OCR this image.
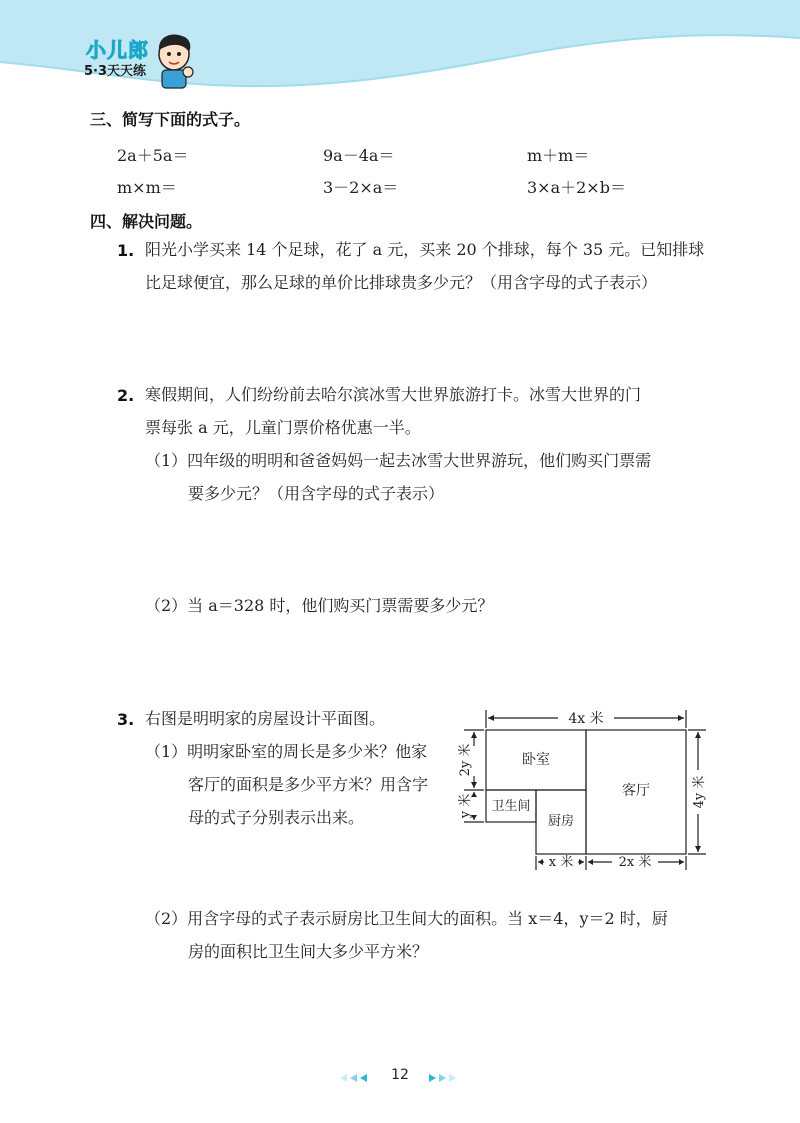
小儿郎
5·3天天练
三、简写下面的式子。
2a＋5a＝	9a－4a＝	m＋m＝
m×m＝	3－2×a＝	3×a＋2×b＝
四、解决问题。
1. 阳光小学买来 14 个足球，花了 a 元，买来 20 个排球，每个 35 元。已知排球
比足球便宜，那么足球的单价比排球贵多少元？（用含字母的式子表示）
2. 寒假期间，人们纷纷前去哈尔滨冰雪大世界旅游打卡。冰雪大世界的门
票每张 a 元，儿童门票价格优惠一半。
（1）四年级的明明和爸爸妈妈一起去冰雪大世界游玩，他们购买门票需
要多少元？（用含字母的式子表示）
（2）当 a＝328 时，他们购买门票需要多少元？
3. 右图是明明家的房屋设计平面图。
（1）明明家卧室的周长是多少米？他家
客厅的面积是多少平方米？用含字
母的式子分别表示出来。
（2）用含字母的式子表示厨房比卫生间大的面积。当 x＝4，y＝2 时，厨
房的面积比卫生间大多少平方米？
4x 米
2y 米
y 米	4y 米
x 米	2x 米
卧室
客厅
卫生间
厨房
12
